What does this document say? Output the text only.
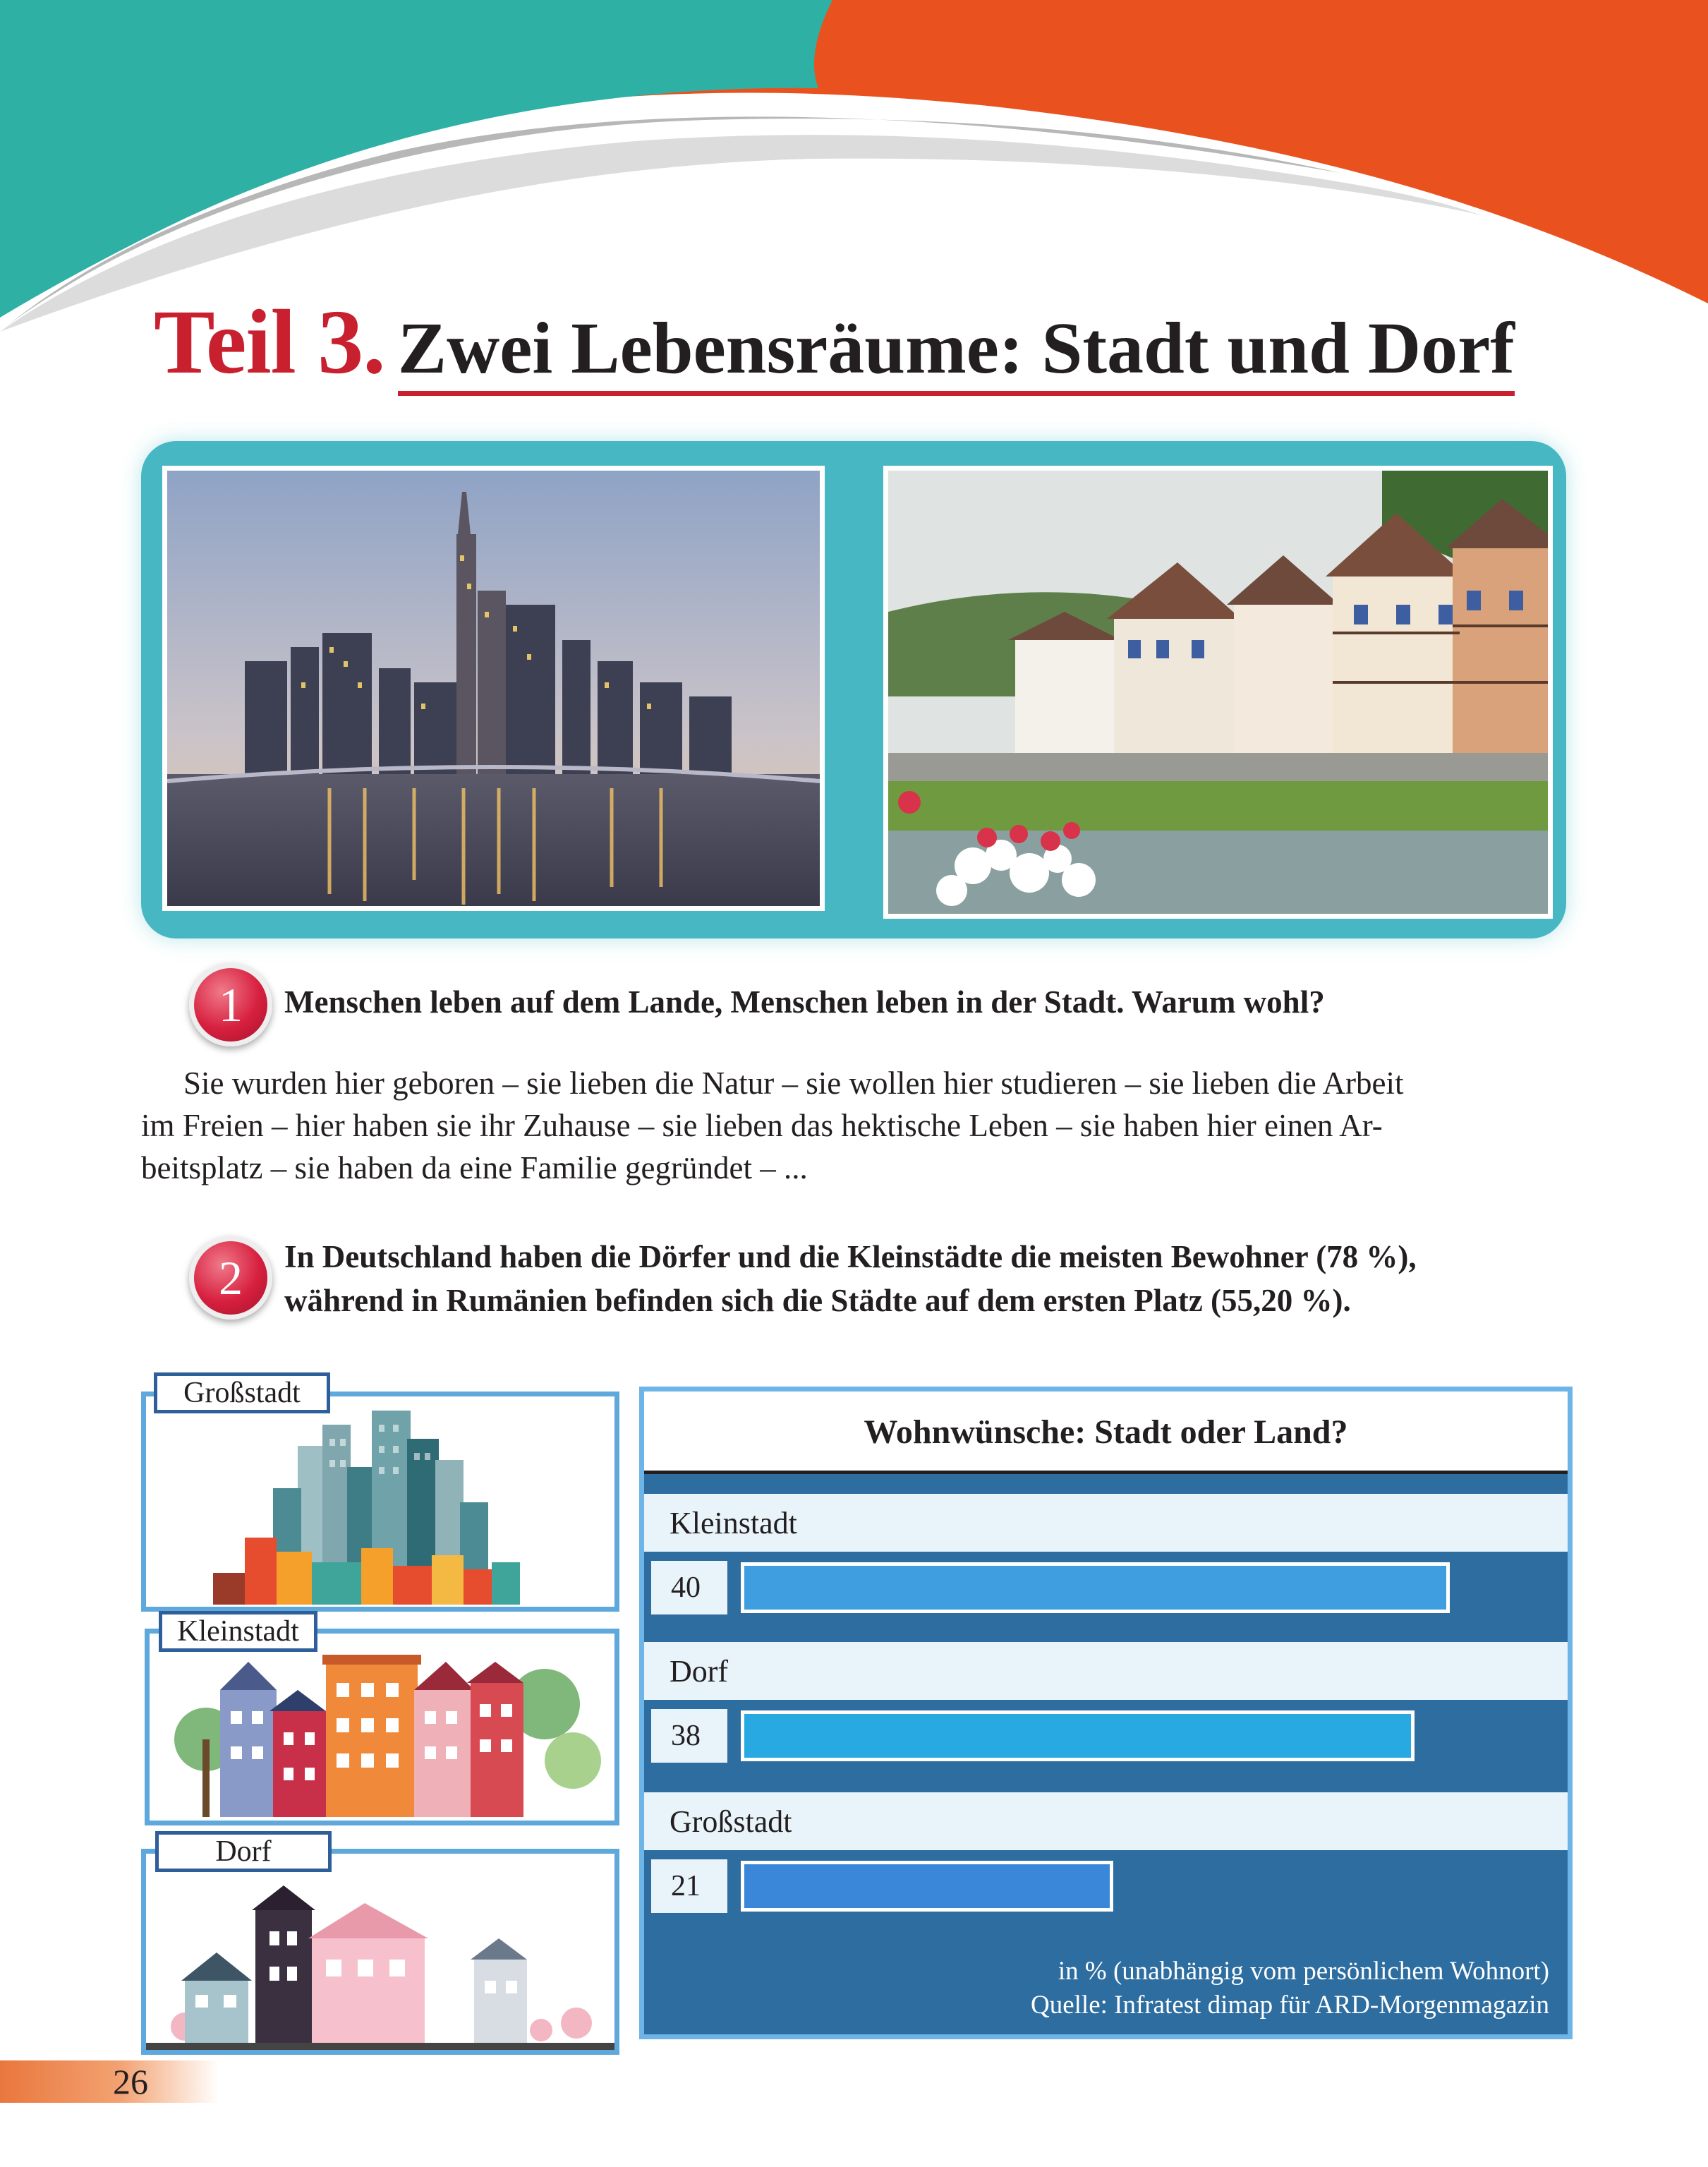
Teil 3. Zwei Lebensräume: Stadt und Dorf
1	Menschen leben auf dem Lande, Menschen leben in der Stadt. Warum wohl?
Sie wurden hier geboren – sie lieben die Natur – sie wollen hier studieren – sie lieben die Arbeit
im Freien – hier haben sie ihr Zuhause – sie lieben das hektische Leben – sie haben hier einen Ar-
beitsplatz – sie haben da eine Familie gegründet – ...
2	In Deutschland haben die Dörfer und die Kleinstädte die meisten Bewohner (78 %),
während in Rumänien befinden sich die Städte auf dem ersten Platz (55,20 %).
Großstadt
Kleinstadt
Dorf
Wohnwünsche: Stadt oder Land?
Kleinstadt
40
Dorf
38
Großstadt
21
in % (unabhängig vom persönlichem Wohnort)
Quelle: Infratest dimap für ARD-Morgenmagazin
26
